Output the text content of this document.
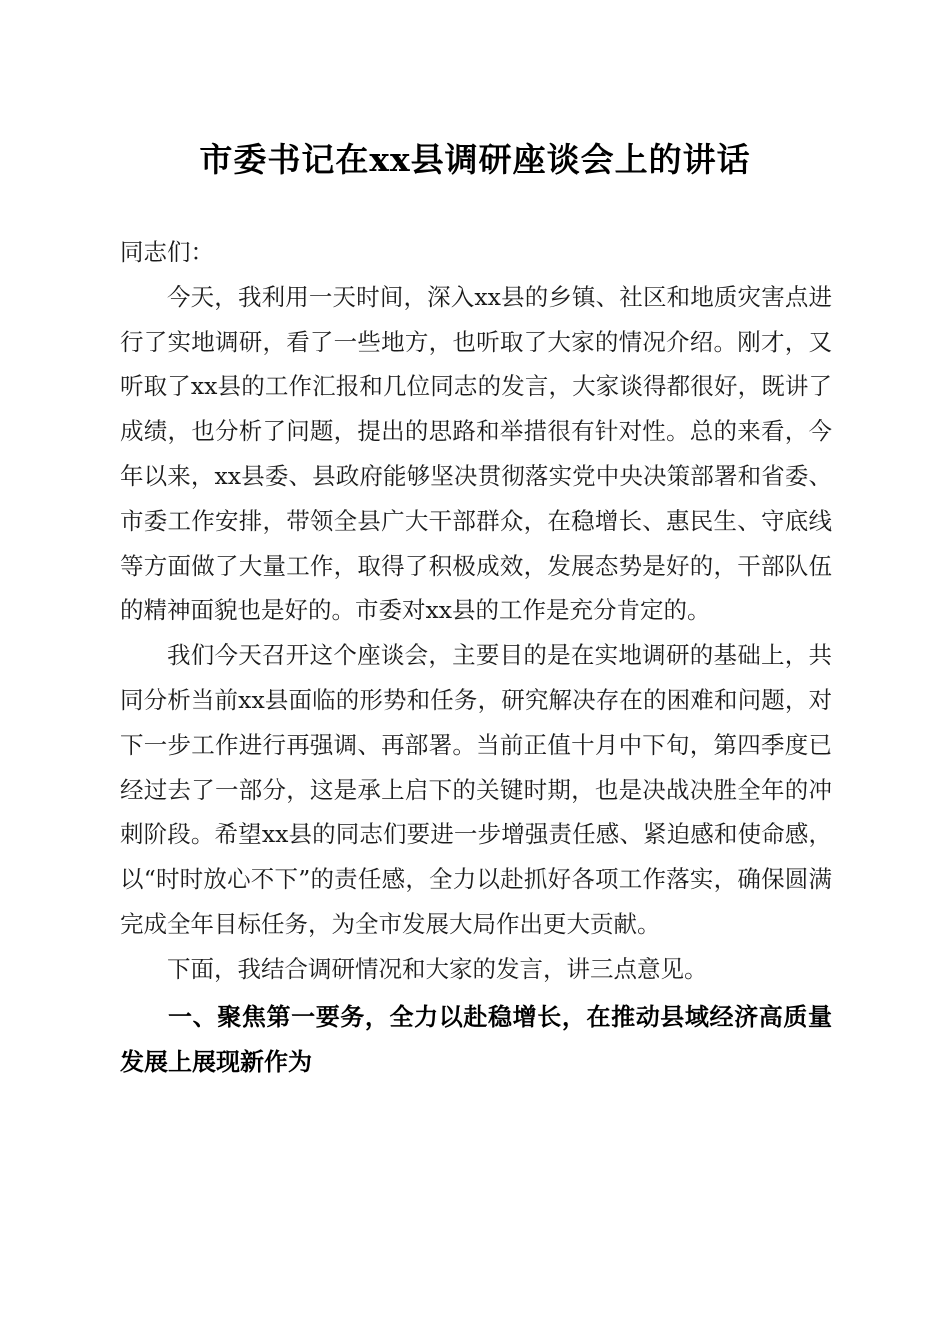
市委书记在xx县调研座谈会上的讲话

同志们：

今天，我利用一天时间，深入xx县的乡镇、社区和地质灾害点进行了实地调研，看了一些地方，也听取了大家的情况介绍。刚才，又听取了xx县的工作汇报和几位同志的发言，大家谈得都很好，既讲了成绩，也分析了问题，提出的思路和举措很有针对性。总的来看，今年以来，xx县委、县政府能够坚决贯彻落实党中央决策部署和省委、市委工作安排，带领全县广大干部群众，在稳增长、惠民生、守底线等方面做了大量工作，取得了积极成效，发展态势是好的，干部队伍的精神面貌也是好的。市委对xx县的工作是充分肯定的。

我们今天召开这个座谈会，主要目的是在实地调研的基础上，共同分析当前xx县面临的形势和任务，研究解决存在的困难和问题，对下一步工作进行再强调、再部署。当前正值十月中下旬，第四季度已经过去了一部分，这是承上启下的关键时期，也是决战决胜全年的冲刺阶段。希望xx县的同志们要进一步增强责任感、紧迫感和使命感，以“时时放心不下”的责任感，全力以赴抓好各项工作落实，确保圆满完成全年目标任务，为全市发展大局作出更大贡献。

下面，我结合调研情况和大家的发言，讲三点意见。

一、聚焦第一要务，全力以赴稳增长，在推动县域经济高质量发展上展现新作为
